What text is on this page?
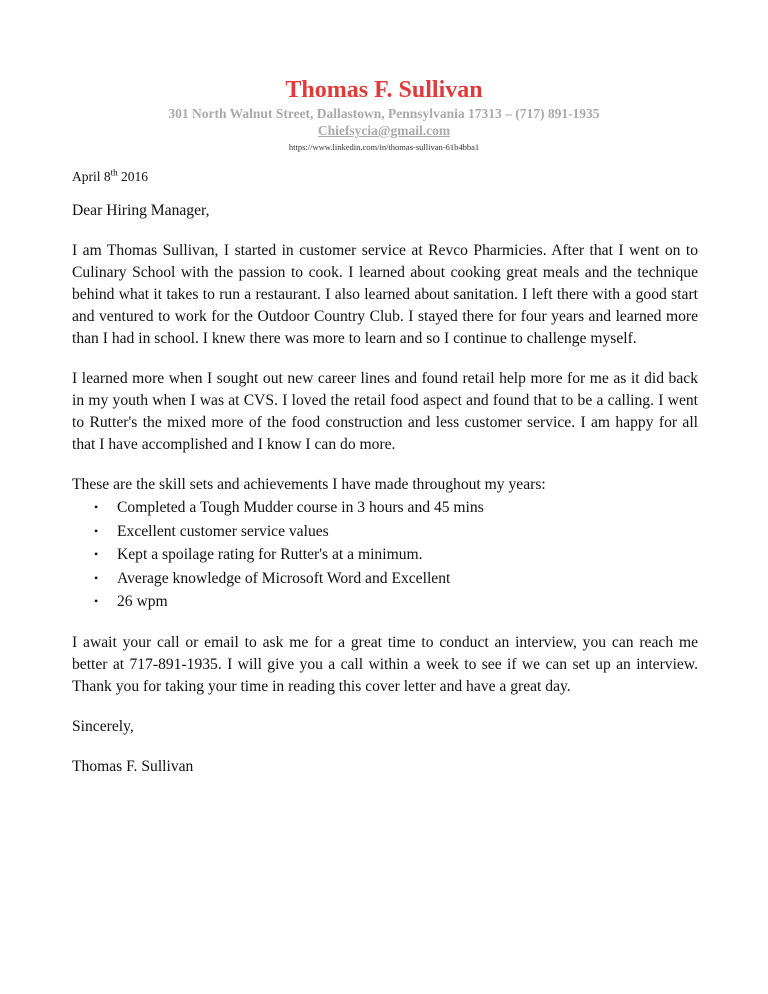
Thomas F. Sullivan
301 North Walnut Street, Dallastown, Pennsylvania 17313 – (717) 891-1935
Chiefsycia@gmail.com
https://www.linkedin.com/in/thomas-sullivan-61b4bba1
April 8th 2016
Dear Hiring Manager,

I am Thomas Sullivan, I started in customer service at Revco Pharmicies. After that I went on to Culinary School with the passion to cook. I learned about cooking great meals and the technique behind what it takes to run a restaurant. I also learned about sanitation. I left there with a good start and ventured to work for the Outdoor Country Club. I stayed there for four years and learned more than I had in school. I knew there was more to learn and so I continue to challenge myself.

I learned more when I sought out new career lines and found retail help more for me as it did back in my youth when I was at CVS. I loved the retail food aspect and found that to be a calling. I went to Rutter's the mixed more of the food construction and less customer service. I am happy for all that I have accomplished and I know I can do more.

These are the skill sets and achievements I have made throughout my years:
• Completed a Tough Mudder course in 3 hours and 45 mins
• Excellent customer service values
• Kept a spoilage rating for Rutter's at a minimum.
• Average knowledge of Microsoft Word and Excellent
• 26 wpm

I await your call or email to ask me for a great time to conduct an interview, you can reach me better at 717-891-1935. I will give you a call within a week to see if we can set up an interview. Thank you for taking your time in reading this cover letter and have a great day.

Sincerely,
Thomas F. Sullivan
